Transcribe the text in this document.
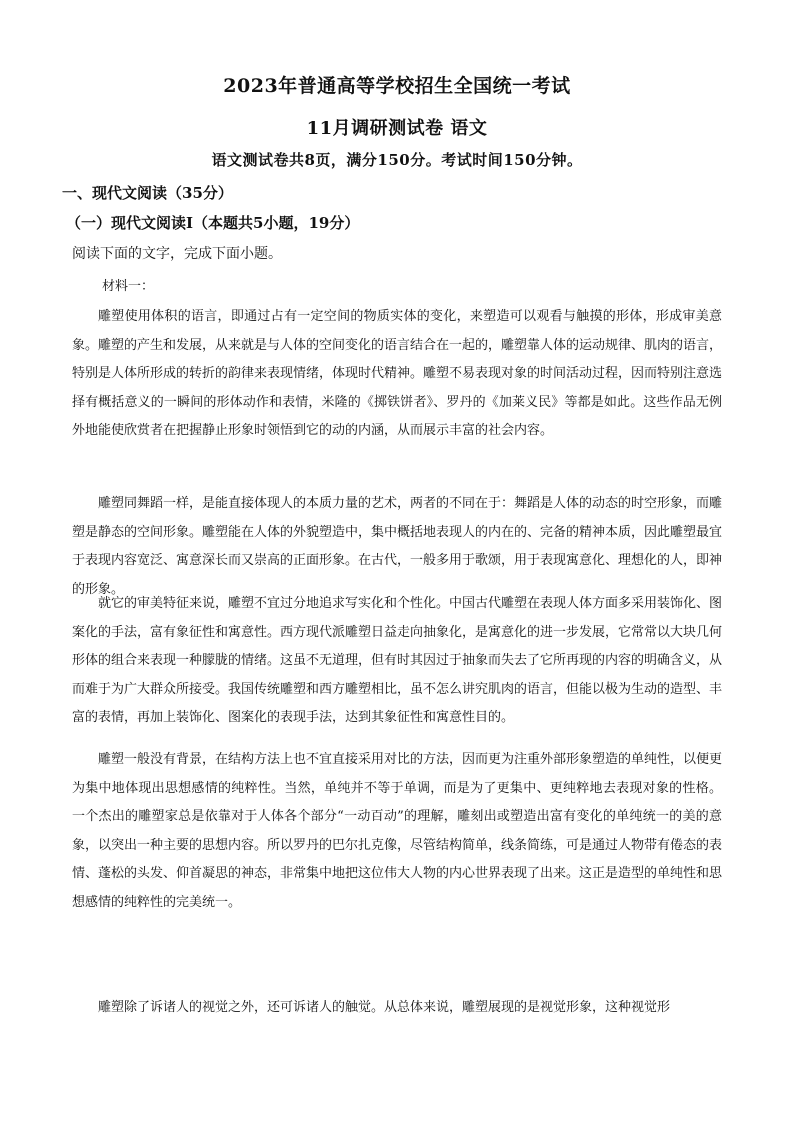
2023年普通高等学校招生全国统一考试
11月调研测试卷 语文
语文测试卷共8页，满分150分。考试时间150分钟。
一、现代文阅读（35分）
（一）现代文阅读Ⅰ（本题共5小题，19分）
阅读下面的文字，完成下面小题。
材料一：

雕塑使用体积的语言，即通过占有一定空间的物质实体的变化，来塑造可以观看与触摸的形体，形成审美意象。雕塑的产生和发展，从来就是与人体的空间变化的语言结合在一起的，雕塑靠人体的运动规律、肌肉的语言，特别是人体所形成的转折的韵律来表现情绪，体现时代精神。雕塑不易表现对象的时间活动过程，因而特别注意选择有概括意义的一瞬间的形体动作和表情，米隆的《掷铁饼者》、罗丹的《加莱义民》等都是如此。这些作品无例外地能使欣赏者在把握静止形象时领悟到它的动的内涵，从而展示丰富的社会内容。

雕塑同舞蹈一样，是能直接体现人的本质力量的艺术，两者的不同在于：舞蹈是人体的动态的时空形象，而雕塑是静态的空间形象。雕塑能在人体的外貌塑造中，集中概括地表现人的内在的、完备的精神本质，因此雕塑最宜于表现内容宽泛、寓意深长而又崇高的正面形象。在古代，一般多用于歌颂，用于表现寓意化、理想化的人，即神的形象。

就它的审美特征来说，雕塑不宜过分地追求写实化和个性化。中国古代雕塑在表现人体方面多采用装饰化、图案化的手法，富有象征性和寓意性。西方现代派雕塑日益走向抽象化，是寓意化的进一步发展，它常常以大块几何形体的组合来表现一种朦胧的情绪。这虽不无道理，但有时其因过于抽象而失去了它所再现的内容的明确含义，从而难于为广大群众所接受。我国传统雕塑和西方雕塑相比，虽不怎么讲究肌肉的语言，但能以极为生动的造型、丰富的表情，再加上装饰化、图案化的表现手法，达到其象征性和寓意性目的。

雕塑一般没有背景，在结构方法上也不宜直接采用对比的方法，因而更为注重外部形象塑造的单纯性，以便更为集中地体现出思想感情的纯粹性。当然，单纯并不等于单调，而是为了更集中、更纯粹地去表现对象的性格。 一个杰出的雕塑家总是依靠对于人体各个部分“一动百动”的理解，雕刻出或塑造出富有变化的单纯统一的美的意象，以突出一种主要的思想内容。所以罗丹的巴尔扎克像，尽管结构简单，线条简练，可是通过人物带有倦态的表情、蓬松的头发、仰首凝思的神态，非常集中地把这位伟大人物的内心世界表现了出来。这正是造型的单纯性和思想感情的纯粹性的完美统一。

雕塑除了诉诸人的视觉之外，还可诉诸人的触觉。从总体来说，雕塑展现的是视觉形象，这种视觉形
